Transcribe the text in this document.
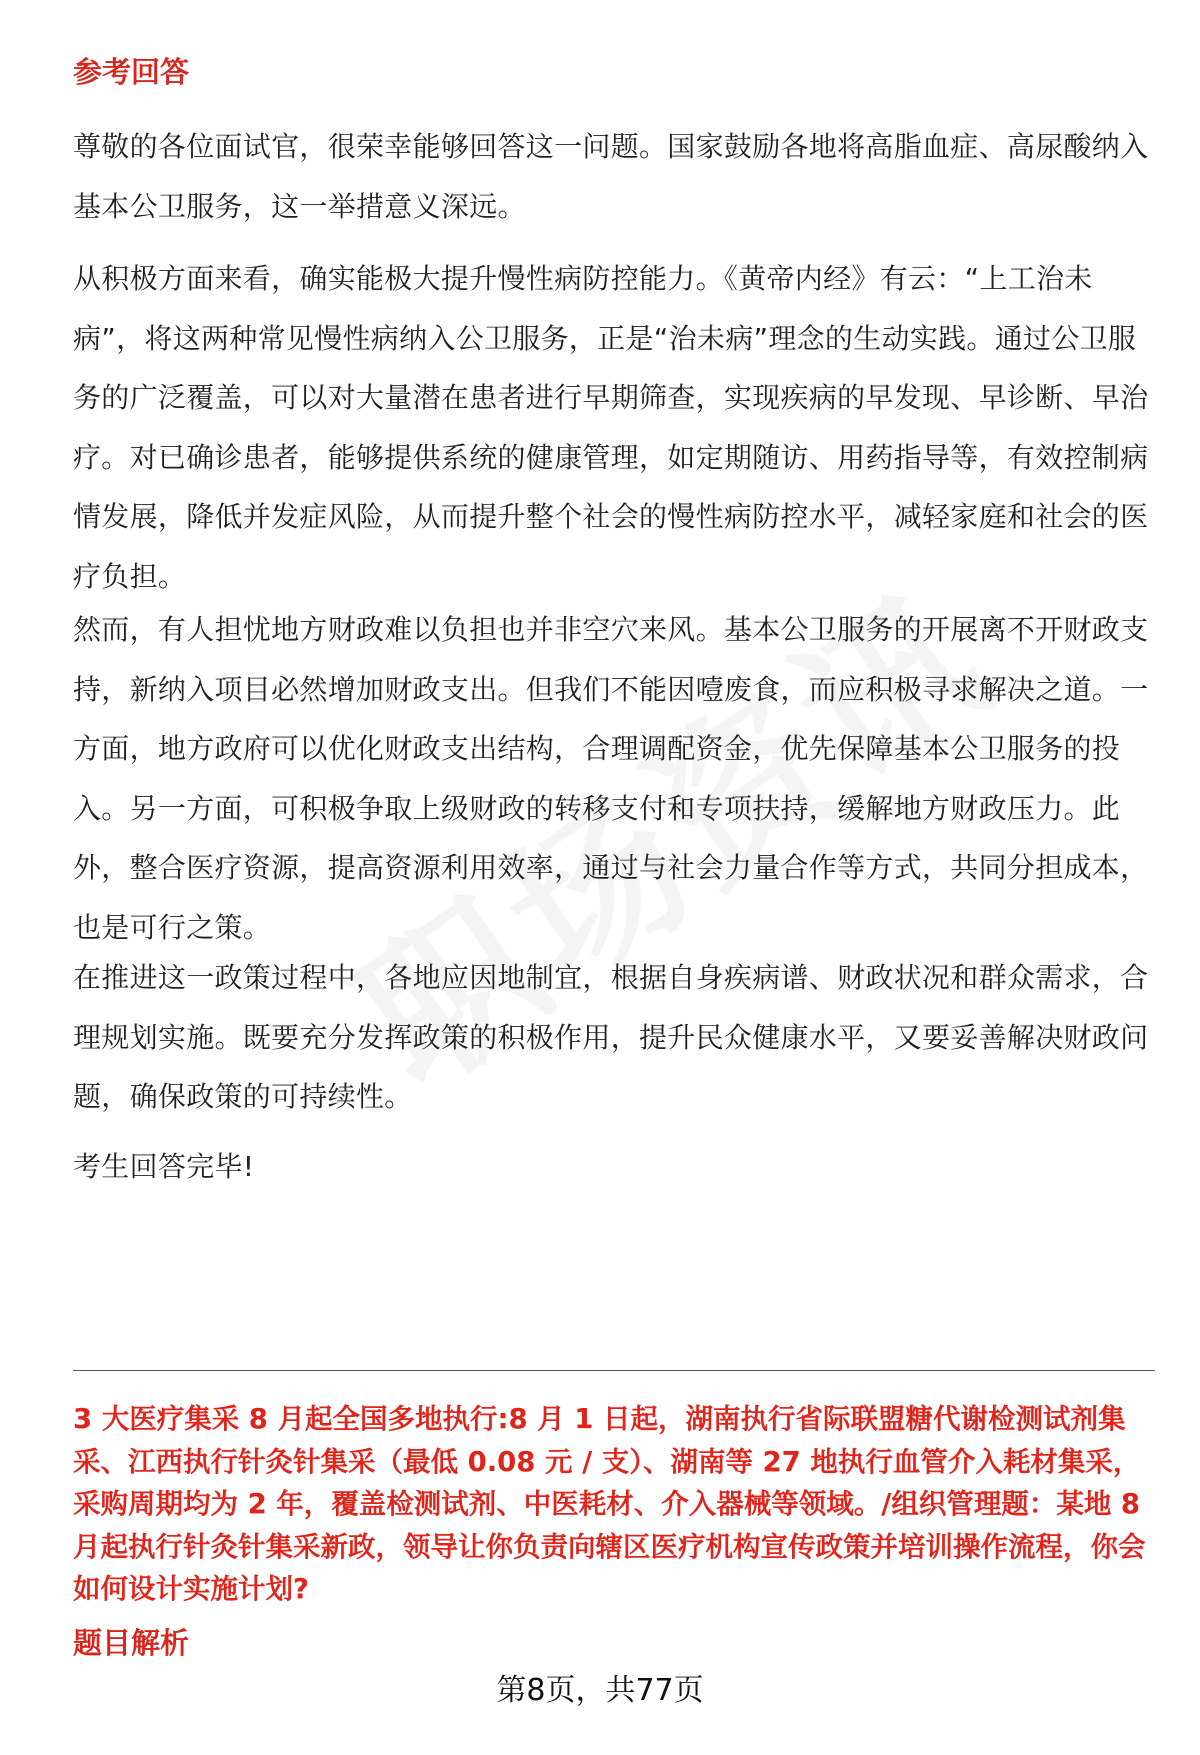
参考回答

尊敬的各位面试官，很荣幸能够回答这一问题。国家鼓励各地将高脂血症、高尿酸纳入基本公卫服务，这一举措意义深远。

从积极方面来看，确实能极大提升慢性病防控能力。《黄帝内经》有云：“上工治未病”，将这两种常见慢性病纳入公卫服务，正是“治未病”理念的生动实践。通过公卫服务的广泛覆盖，可以对大量潜在患者进行早期筛查，实现疾病的早发现、早诊断、早治疗。对已确诊患者，能够提供系统的健康管理，如定期随访、用药指导等，有效控制病情发展，降低并发症风险，从而提升整个社会的慢性病防控水平，减轻家庭和社会的医疗负担。

然而，有人担忧地方财政难以负担也并非空穴来风。基本公卫服务的开展离不开财政支持，新纳入项目必然增加财政支出。但我们不能因噎废食，而应积极寻求解决之道。一方面，地方政府可以优化财政支出结构，合理调配资金，优先保障基本公卫服务的投入。另一方面，可积极争取上级财政的转移支付和专项扶持，缓解地方财政压力。此外，整合医疗资源，提高资源利用效率，通过与社会力量合作等方式，共同分担成本，也是可行之策。

在推进这一政策过程中，各地应因地制宜，根据自身疾病谱、财政状况和群众需求，合理规划实施。既要充分发挥政策的积极作用，提升民众健康水平，又要妥善解决财政问题，确保政策的可持续性。

考生回答完毕!

3 大医疗集采 8 月起全国多地执行:8 月 1 日起，湖南执行省际联盟糖代谢检测试剂集采、江西执行针灸针集采（最低 0.08 元 / 支）、湖南等 27 地执行血管介入耗材集采，采购周期均为 2 年，覆盖检测试剂、中医耗材、介入器械等领域。/组织管理题：某地 8 月起执行针灸针集采新政，领导让你负责向辖区医疗机构宣传政策并培训操作流程，你会如何设计实施计划?

题目解析
第8页，共77页
